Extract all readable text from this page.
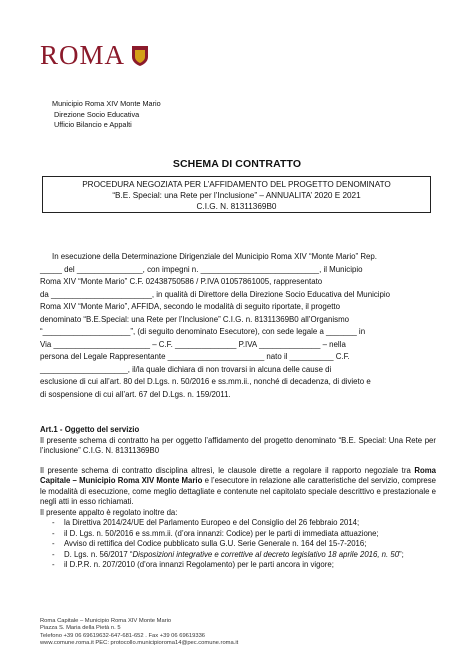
ROMA
Municipio Roma XIV Monte Mario
Direzione Socio Educativa
Ufficio Bilancio e Appalti
SCHEMA DI CONTRATTO
PROCEDURA NEGOZIATA PER L’AFFIDAMENTO DEL PROGETTO DENOMINATO
“B.E. Special: una Rete per l’Inclusione” – ANNUALITA’ 2020 E 2021
C.I.G. N. 81311369B0

In esecuzione della Determinazione Dirigenziale del Municipio Roma XIV “Monte Mario” Rep.

_____ del _______________, con impegni n. ___________________________, il Municipio

Roma XIV “Monte Mario” C.F. 02438750586 / P.IVA 01057861005, rappresentato

da _______________________, in qualità di Direttore della Direzione Socio Educativa del Municipio

Roma XIV “Monte Mario”, AFFIDA, secondo le modalità di seguito riportate, il progetto

denominato “B.E.Special: una Rete per l’Inclusione” C.I.G. n. 81311369B0 all’Organismo

“____________________”, (di seguito denominato Esecutore), con sede legale a _______ in

Via ______________________ – C.F. ______________ P.IVA ______________ – nella

persona del Legale Rappresentante ______________________ nato il __________ C.F.

____________________, il/la quale dichiara di non trovarsi in alcuna delle cause di

esclusione di cui all’art. 80 del D.Lgs. n. 50/2016 e ss.mm.ii., nonché di decadenza, di divieto e

di sospensione di cui all’art. 67 del D.Lgs. n. 159/2011.

Art.1 - Oggetto del servizio

Il presente schema di contratto ha per oggetto l’affidamento del progetto denominato “B.E. Special: Una Rete per l’inclusione” C.I.G. N. 81311369B0

Il presente schema di contratto disciplina altresì, le clausole dirette a regolare il rapporto negoziale tra Roma Capitale – Municipio Roma XIV Monte Mario e l’esecutore in relazione alle caratteristiche del servizio, comprese le modalità di esecuzione, come meglio dettagliate e contenute nel capitolato speciale descrittivo e prestazionale e negli atti in esso richiamati.

Il presente appalto è regolato inoltre da:

- la Direttiva 2014/24/UE del Parlamento Europeo e del Consiglio del 26 febbraio 2014;
- il D. Lgs. n. 50/2016 e ss.mm.ii. (d’ora innanzi: Codice) per le parti di immediata attuazione;
- Avviso di rettifica del Codice pubblicato sulla G.U. Serie Generale n. 164 del 15-7-2016;
- D. Lgs. n. 56/2017 “Disposizioni integrative e correttive al decreto legislativo 18 aprile 2016, n. 50”;
- il D.P.R. n. 207/2010 (d’ora innanzi Regolamento) per le parti ancora in vigore;
Roma Capitale – Municipio Roma XIV Monte Mario
Piazza S. Maria della Pietà n. 5
Telefono +39 06 69619632-647-681-652 . Fax +39 06 69619336
www.comune.roma.it PEC: protocollo.municipioroma14@pec.comune.roma.it
